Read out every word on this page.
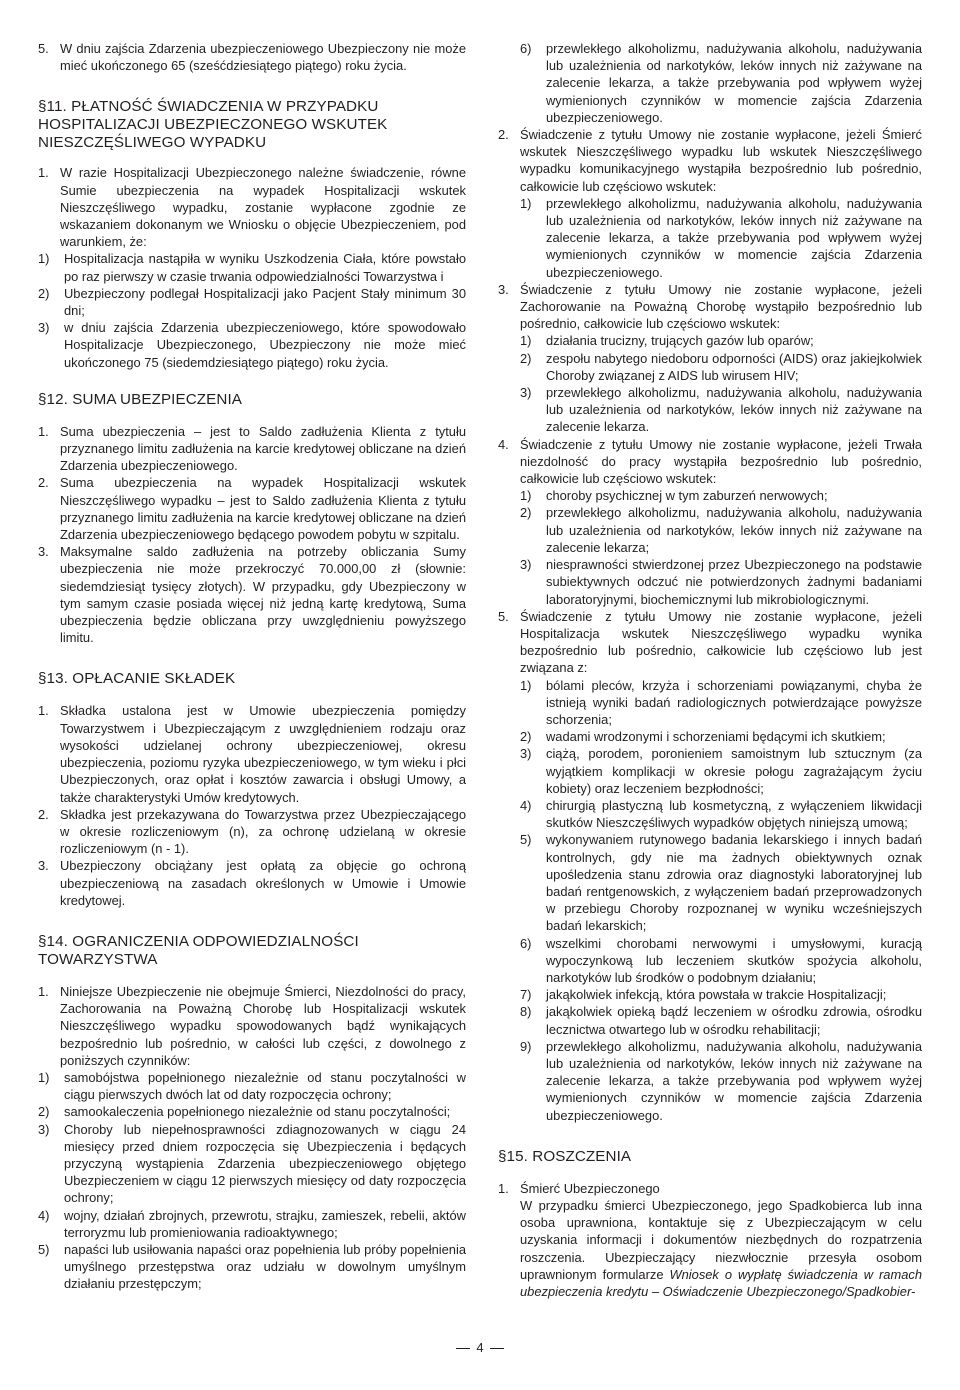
5. W dniu zajścia Zdarzenia ubezpieczeniowego Ubezpieczony nie może mieć ukończonego 65 (sześćdziesiątego piątego) roku życia.
§11. PŁATNOŚĆ ŚWIADCZENIA W PRZYPADKU HOSPITALIZACJI UBEZPIECZONEGO WSKUTEK NIESZCZĘŚLIWEGO WYPADKU
1. W razie Hospitalizacji Ubezpieczonego należne świadczenie, równe Sumie ubezpieczenia na wypadek Hospitalizacji wskutek Nieszczęśliwego wypadku, zostanie wypłacone zgodnie ze wskazaniem dokonanym we Wniosku o objęcie Ubezpieczeniem, pod warunkiem, że:
1)	Hospitalizacja nastąpiła w wyniku Uszkodzenia Ciała, które powstało po raz pierwszy w czasie trwania odpowiedzialności Towarzystwa i
2)	Ubezpieczony podlegał Hospitalizacji jako Pacjent Stały minimum 30 dni;
3)	w dniu zajścia Zdarzenia ubezpieczeniowego, które spowodowało Hospitalizacje Ubezpieczonego, Ubezpieczony nie może mieć ukończonego 75 (siedemdziesiątego piątego) roku życia.
§12. SUMA UBEZPIECZENIA
1. Suma ubezpieczenia – jest to Saldo zadłużenia Klienta z tytułu przyznanego limitu zadłużenia na karcie kredytowej obliczane na dzień Zdarzenia ubezpieczeniowego.
2. Suma ubezpieczenia na wypadek Hospitalizacji wskutek Nieszczęśliwego wypadku – jest to Saldo zadłużenia Klienta z tytułu przyznanego limitu zadłużenia na karcie kredytowej obliczane na dzień Zdarzenia ubezpieczeniowego będącego powodem pobytu w szpitalu.
3. Maksymalne saldo zadłużenia na potrzeby obliczania Sumy ubezpieczenia nie może przekroczyć 70.000,00 zł (słownie: siedemdziesiąt tysięcy złotych). W przypadku, gdy Ubezpieczony w tym samym czasie posiada więcej niż jedną kartę kredytową, Suma ubezpieczenia będzie obliczana przy uwzględnieniu powyższego limitu.
§13. OPŁACANIE SKŁADEK
1. Składka ustalona jest w Umowie ubezpieczenia pomiędzy Towarzystwem i Ubezpieczającym z uwzględnieniem rodzaju oraz wysokości udzielanej ochrony ubezpieczeniowej, okresu ubezpieczenia, poziomu ryzyka ubezpieczeniowego, w tym wieku i płci Ubezpieczonych, oraz opłat i kosztów zawarcia i obsługi Umowy, a także charakterystyki Umów kredytowych.
2. Składka jest przekazywana do Towarzystwa przez Ubezpieczającego w okresie rozliczeniowym (n), za ochronę udzielaną w okresie rozliczeniowym (n - 1).
3. Ubezpieczony obciążany jest opłatą za objęcie go ochroną ubezpieczeniową na zasadach określonych w Umowie i Umowie kredytowej.
§14. OGRANICZENIA ODPOWIEDZIALNOŚCI TOWARZYSTWA
1. Niniejsze Ubezpieczenie nie obejmuje Śmierci, Niezdolności do pracy, Zachorowania na Poważną Chorobę lub Hospitalizacji wskutek Nieszczęśliwego wypadku spowodowanych bądź wynikających bezpośrednio lub pośrednio, w całości lub części, z dowolnego z poniższych czynników:
1)	samobójstwa popełnionego niezależnie od stanu poczytalności w ciągu pierwszych dwóch lat od daty rozpoczęcia ochrony;
2)	samookaleczenia popełnionego niezależnie od stanu poczytalności;
3)	Choroby lub niepełnosprawności zdiagnozowanych w ciągu 24 miesięcy przed dniem rozpoczęcia się Ubezpieczenia i będących przyczyną wystąpienia Zdarzenia ubezpieczeniowego objętego Ubezpieczeniem w ciągu 12 pierwszych miesięcy od daty rozpoczęcia ochrony;
4)	wojny, działań zbrojnych, przewrotu, strajku, zamieszek, rebelii, aktów terroryzmu lub promieniowania radioaktywnego;
5)	napaści lub usiłowania napaści oraz popełnienia lub próby popełnienia umyślnego przestępstwa oraz udziału w dowolnym umyślnym działaniu przestępczym;
6)	przewlekłego alkoholizmu, nadużywania alkoholu, nadużywania lub uzależnienia od narkotyków, leków innych niż zażywane na zalecenie lekarza, a także przebywania pod wpływem wyżej wymienionych czynników w momencie zajścia Zdarzenia ubezpieczeniowego.
2. Świadczenie z tytułu Umowy nie zostanie wypłacone, jeżeli Śmierć wskutek Nieszczęśliwego wypadku lub wskutek Nieszczęśliwego wypadku komunikacyjnego wystąpiła bezpośrednio lub pośrednio, całkowicie lub częściowo wskutek:
1)	przewlekłego alkoholizmu, nadużywania alkoholu, nadużywania lub uzależnienia od narkotyków, leków innych niż zażywane na zalecenie lekarza, a także przebywania pod wpływem wyżej wymienionych czynników w momencie zajścia Zdarzenia ubezpieczeniowego.
3. Świadczenie z tytułu Umowy nie zostanie wypłacone, jeżeli Zachorowanie na Poważną Chorobę wystąpiło bezpośrednio lub pośrednio, całkowicie lub częściowo wskutek:
1)	działania trucizny, trujących gazów lub oparów;
2)	zespołu nabytego niedoboru odporności (AIDS) oraz jakiejkolwiek Choroby związanej z AIDS lub wirusem HIV;
3)	przewlekłego alkoholizmu, nadużywania alkoholu, nadużywania lub uzależnienia od narkotyków, leków innych niż zażywane na zalecenie lekarza.
4. Świadczenie z tytułu Umowy nie zostanie wypłacone, jeżeli Trwała niezdolność do pracy wystąpiła bezpośrednio lub pośrednio, całkowicie lub częściowo wskutek:
1)	choroby psychicznej w tym zaburzeń nerwowych;
2)	przewlekłego alkoholizmu, nadużywania alkoholu, nadużywania lub uzależnienia od narkotyków, leków innych niż zażywane na zalecenie lekarza;
3)	niesprawności stwierdzonej przez Ubezpieczonego na podstawie subiektywnych odczuć nie potwierdzonych żadnymi badaniami laboratoryjnymi, biochemicznymi lub mikrobiologicznymi.
5. Świadczenie z tytułu Umowy nie zostanie wypłacone, jeżeli Hospitalizacja wskutek Nieszczęśliwego wypadku wynika bezpośrednio lub pośrednio, całkowicie lub częściowo lub jest związana z:
1)	bólami pleców, krzyża i schorzeniami powiązanymi, chyba że istnieją wyniki badań radiologicznych potwierdzające powyższe schorzenia;
2)	wadami wrodzonymi i schorzeniami będącymi ich skutkiem;
3)	ciążą, porodem, poronieniem samoistnym lub sztucznym (za wyjątkiem komplikacji w okresie połogu zagrażającym życiu kobiety) oraz leczeniem bezpłodności;
4)	chirurgią plastyczną lub kosmetyczną, z wyłączeniem likwidacji skutków Nieszczęśliwych wypadków objętych niniejszą umową;
5)	wykonywaniem rutynowego badania lekarskiego i innych badań kontrolnych, gdy nie ma żadnych obiektywnych oznak upośledzenia stanu zdrowia oraz diagnostyki laboratoryjnej lub badań rentgenowskich, z wyłączeniem badań przeprowadzonych w przebiegu Choroby rozpoznanej w wyniku wcześniejszych badań lekarskich;
6)	wszelkimi chorobami nerwowymi i umysłowymi, kuracją wypoczynkową lub leczeniem skutków spożycia alkoholu, narkotyków lub środków o podobnym działaniu;
7)	jakąkolwiek infekcją, która powstała w trakcie Hospitalizacji;
8)	jakąkolwiek opieką bądź leczeniem w ośrodku zdrowia, ośrodku lecznictwa otwartego lub w ośrodku rehabilitacji;
9)	przewlekłego alkoholizmu, nadużywania alkoholu, nadużywania lub uzależnienia od narkotyków, leków innych niż zażywane na zalecenie lekarza, a także przebywania pod wpływem wyżej wymienionych czynników w momencie zajścia Zdarzenia ubezpieczeniowego.
§15. ROSZCZENIA
1. Śmierć Ubezpieczonego

W przypadku śmierci Ubezpieczonego, jego Spadkobierca lub inna osoba uprawniona, kontaktuje się z Ubezpieczającym w celu uzyskania informacji i dokumentów niezbędnych do rozpatrzenia roszczenia. Ubezpieczający niezwłocznie przesyła osobom uprawnionym formularze Wniosek o wypłatę świadczenia w ramach ubezpieczenia kredytu – Oświadczenie Ubezpieczonego/Spadkobier-

4
